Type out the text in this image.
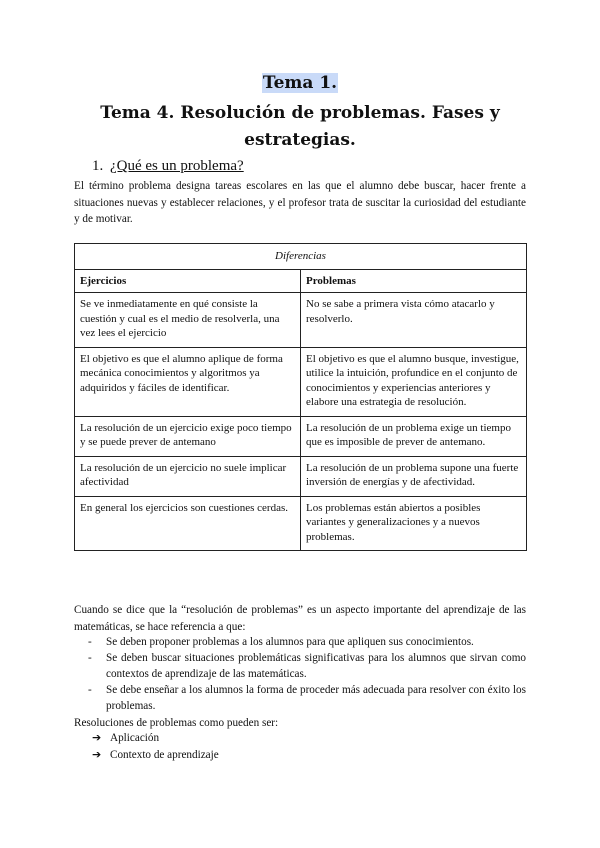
Tema 1.
Tema 4. Resolución de problemas. Fases y estrategias.
1. ¿Qué es un problema?
El término problema designa tareas escolares en las que el alumno debe buscar, hacer frente a situaciones nuevas y establecer relaciones, y el profesor trata de suscitar la curiosidad del estudiante y de motivar.
Diferencias	
Ejercicios	Problemas
Se ve inmediatamente en qué consiste la cuestión y cual es el medio de resolverla, una vez lees el ejercicio	No se sabe a primera vista cómo atacarlo y resolverlo.
El objetivo es que el alumno aplique de forma mecánica conocimientos y algoritmos ya adquiridos y fáciles de identificar.	El objetivo es que el alumno busque, investigue, utilice la intuición, profundice en el conjunto de conocimientos y experiencias anteriores y elabore una estrategia de resolución.
La resolución de un ejercicio exige poco tiempo y se puede prever de antemano	La resolución de un problema exige un tiempo que es imposible de prever de antemano.
La resolución de un ejercicio no suele implicar afectividad	La resolución de un problema supone una fuerte inversión de energías y de afectividad.
En general los ejercicios son cuestiones cerdas.	Los problemas están abiertos a posibles variantes y generalizaciones y a nuevos problemas.
Cuando se dice que la “resolución de problemas” es un aspecto importante del aprendizaje de las matemáticas, se hace referencia a que:
- Se deben proponer problemas a los alumnos para que apliquen sus conocimientos.
- Se deben buscar situaciones problemáticas significativas para los alumnos que sirvan como contextos de aprendizaje de las matemáticas.
- Se debe enseñar a los alumnos la forma de proceder más adecuada para resolver con éxito los problemas.
Resoluciones de problemas como pueden ser:
➔ Aplicación
➔ Contexto de aprendizaje
